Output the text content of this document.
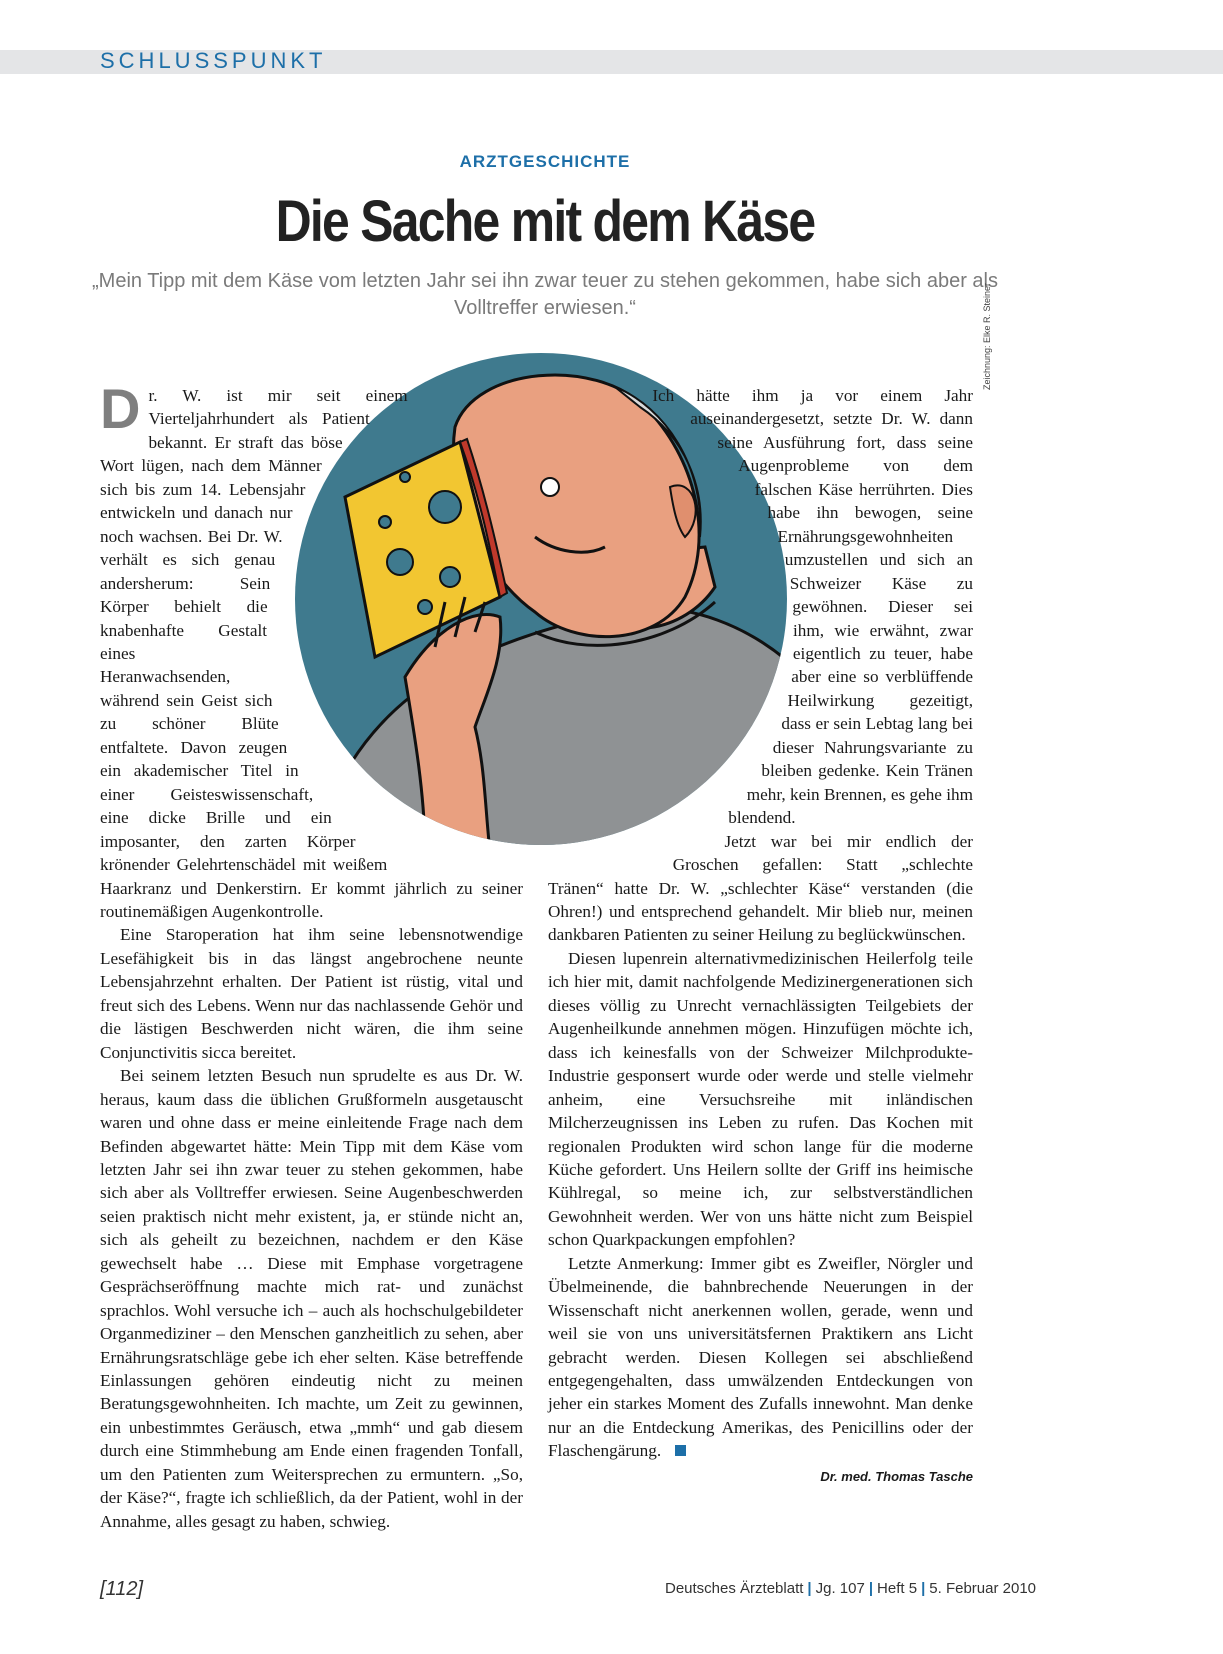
SCHLUSSPUNKT
ARZTGESCHICHTE
Die Sache mit dem Käse
„Mein Tipp mit dem Käse vom letzten Jahr sei ihn zwar teuer zu stehen gekommen, habe sich aber als Volltreffer erwiesen.“	Zeichnung: Elke R. Steiner

Dr. W. ist mir seit einem Vierteljahrhundert als Patient bekannt. Er straft das böse Wort lügen, nach dem Männer sich bis zum 14. Lebensjahr entwickeln und danach nur noch wachsen. Bei Dr. W. verhält es sich genau andersherum: Sein Körper behielt die knabenhafte Gestalt eines Heranwachsenden, während sein Geist sich zu schöner Blüte entfaltete. Davon zeugen ein akademischer Titel in einer Geisteswissenschaft, eine dicke Brille und ein imposanter, den zarten Körper krönender Gelehrtenschädel mit weißem Haarkranz und Denkerstirn. Er kommt jährlich zu seiner routinemäßigen Augenkontrolle.

Eine Staroperation hat ihm seine lebensnotwendige Lesefähigkeit bis in das längst angebrochene neunte Lebensjahrzehnt erhalten. Der Patient ist rüstig, vital und freut sich des Lebens. Wenn nur das nachlassende Gehör und die lästigen Beschwerden nicht wären, die ihm seine Conjunctivitis sicca bereitet.

Bei seinem letzten Besuch nun sprudelte es aus Dr. W. heraus, kaum dass die üblichen Grußformeln ausgetauscht waren und ohne dass er meine einleitende Frage nach dem Befinden abgewartet hätte: Mein Tipp mit dem Käse vom letzten Jahr sei ihn zwar teuer zu stehen gekommen, habe sich aber als Volltreffer erwiesen. Seine Augenbeschwerden seien praktisch nicht mehr existent, ja, er stünde nicht an, sich als geheilt zu bezeichnen, nachdem er den Käse gewechselt habe … Diese mit Emphase vorgetragene Gesprächseröffnung machte mich rat- und zunächst sprachlos. Wohl versuche ich – auch als hochschulgebildeter Organmediziner – den Menschen ganzheitlich zu sehen, aber Ernährungsratschläge gebe ich eher selten. Käse betreffende Einlassungen gehören eindeutig nicht zu meinen Beratungsgewohnheiten. Ich machte, um Zeit zu gewinnen, ein unbestimmtes Geräusch, etwa „mmh“ und gab diesem durch eine Stimmhebung am Ende einen fragenden Tonfall, um den Patienten zum Weitersprechen zu ermuntern. „So, der Käse?“, fragte ich schließlich, da der Patient, wohl in der Annahme, alles gesagt zu haben, schwieg.

Ich hätte ihm ja vor einem Jahr auseinandergesetzt, setzte Dr. W. dann seine Ausführung fort, dass seine Augenprobleme von dem falschen Käse herrührten. Dies habe ihn bewogen, seine Ernährungsgewohnheiten umzustellen und sich an Schweizer Käse zu gewöhnen. Dieser sei ihm, wie erwähnt, zwar eigentlich zu teuer, habe aber eine so verblüffende Heilwirkung gezeitigt, dass er sein Lebtag lang bei dieser Nahrungsvariante zu bleiben gedenke. Kein Tränen mehr, kein Brennen, es gehe ihm blendend.

Jetzt war bei mir endlich der Groschen gefallen: Statt „schlechte Tränen“ hatte Dr. W. „schlechter Käse“ verstanden (die Ohren!) und entsprechend gehandelt. Mir blieb nur, meinen dankbaren Patienten zu seiner Heilung zu beglückwünschen.

Diesen lupenrein alternativmedizinischen Heilerfolg teile ich hier mit, damit nachfolgende Medizinergenerationen sich dieses völlig zu Unrecht vernachlässigten Teilgebiets der Augenheilkunde annehmen mögen. Hinzufügen möchte ich, dass ich keinesfalls von der Schweizer Milchprodukte-Industrie gesponsert wurde oder werde und stelle vielmehr anheim, eine Versuchsreihe mit inländischen Milcherzeugnissen ins Leben zu rufen. Das Kochen mit regionalen Produkten wird schon lange für die moderne Küche gefordert. Uns Heilern sollte der Griff ins heimische Kühlregal, so meine ich, zur selbstverständlichen Gewohnheit werden. Wer von uns hätte nicht zum Beispiel schon Quarkpackungen empfohlen?

Letzte Anmerkung: Immer gibt es Zweifler, Nörgler und Übelmeinende, die bahnbrechende Neuerungen in der Wissenschaft nicht anerkennen wollen, gerade, wenn und weil sie von uns universitätsfernen Praktikern ans Licht gebracht werden. Diesen Kollegen sei abschließend entgegengehalten, dass umwälzenden Entdeckungen von jeher ein starkes Moment des Zufalls innewohnt. Man denke nur an die Entdeckung Amerikas, des Penicillins oder der Flaschengärung.

Dr. med. Thomas Tasche
[112]	Deutsches Ärzteblatt | Jg. 107 | Heft 5 | 5. Februar 2010
